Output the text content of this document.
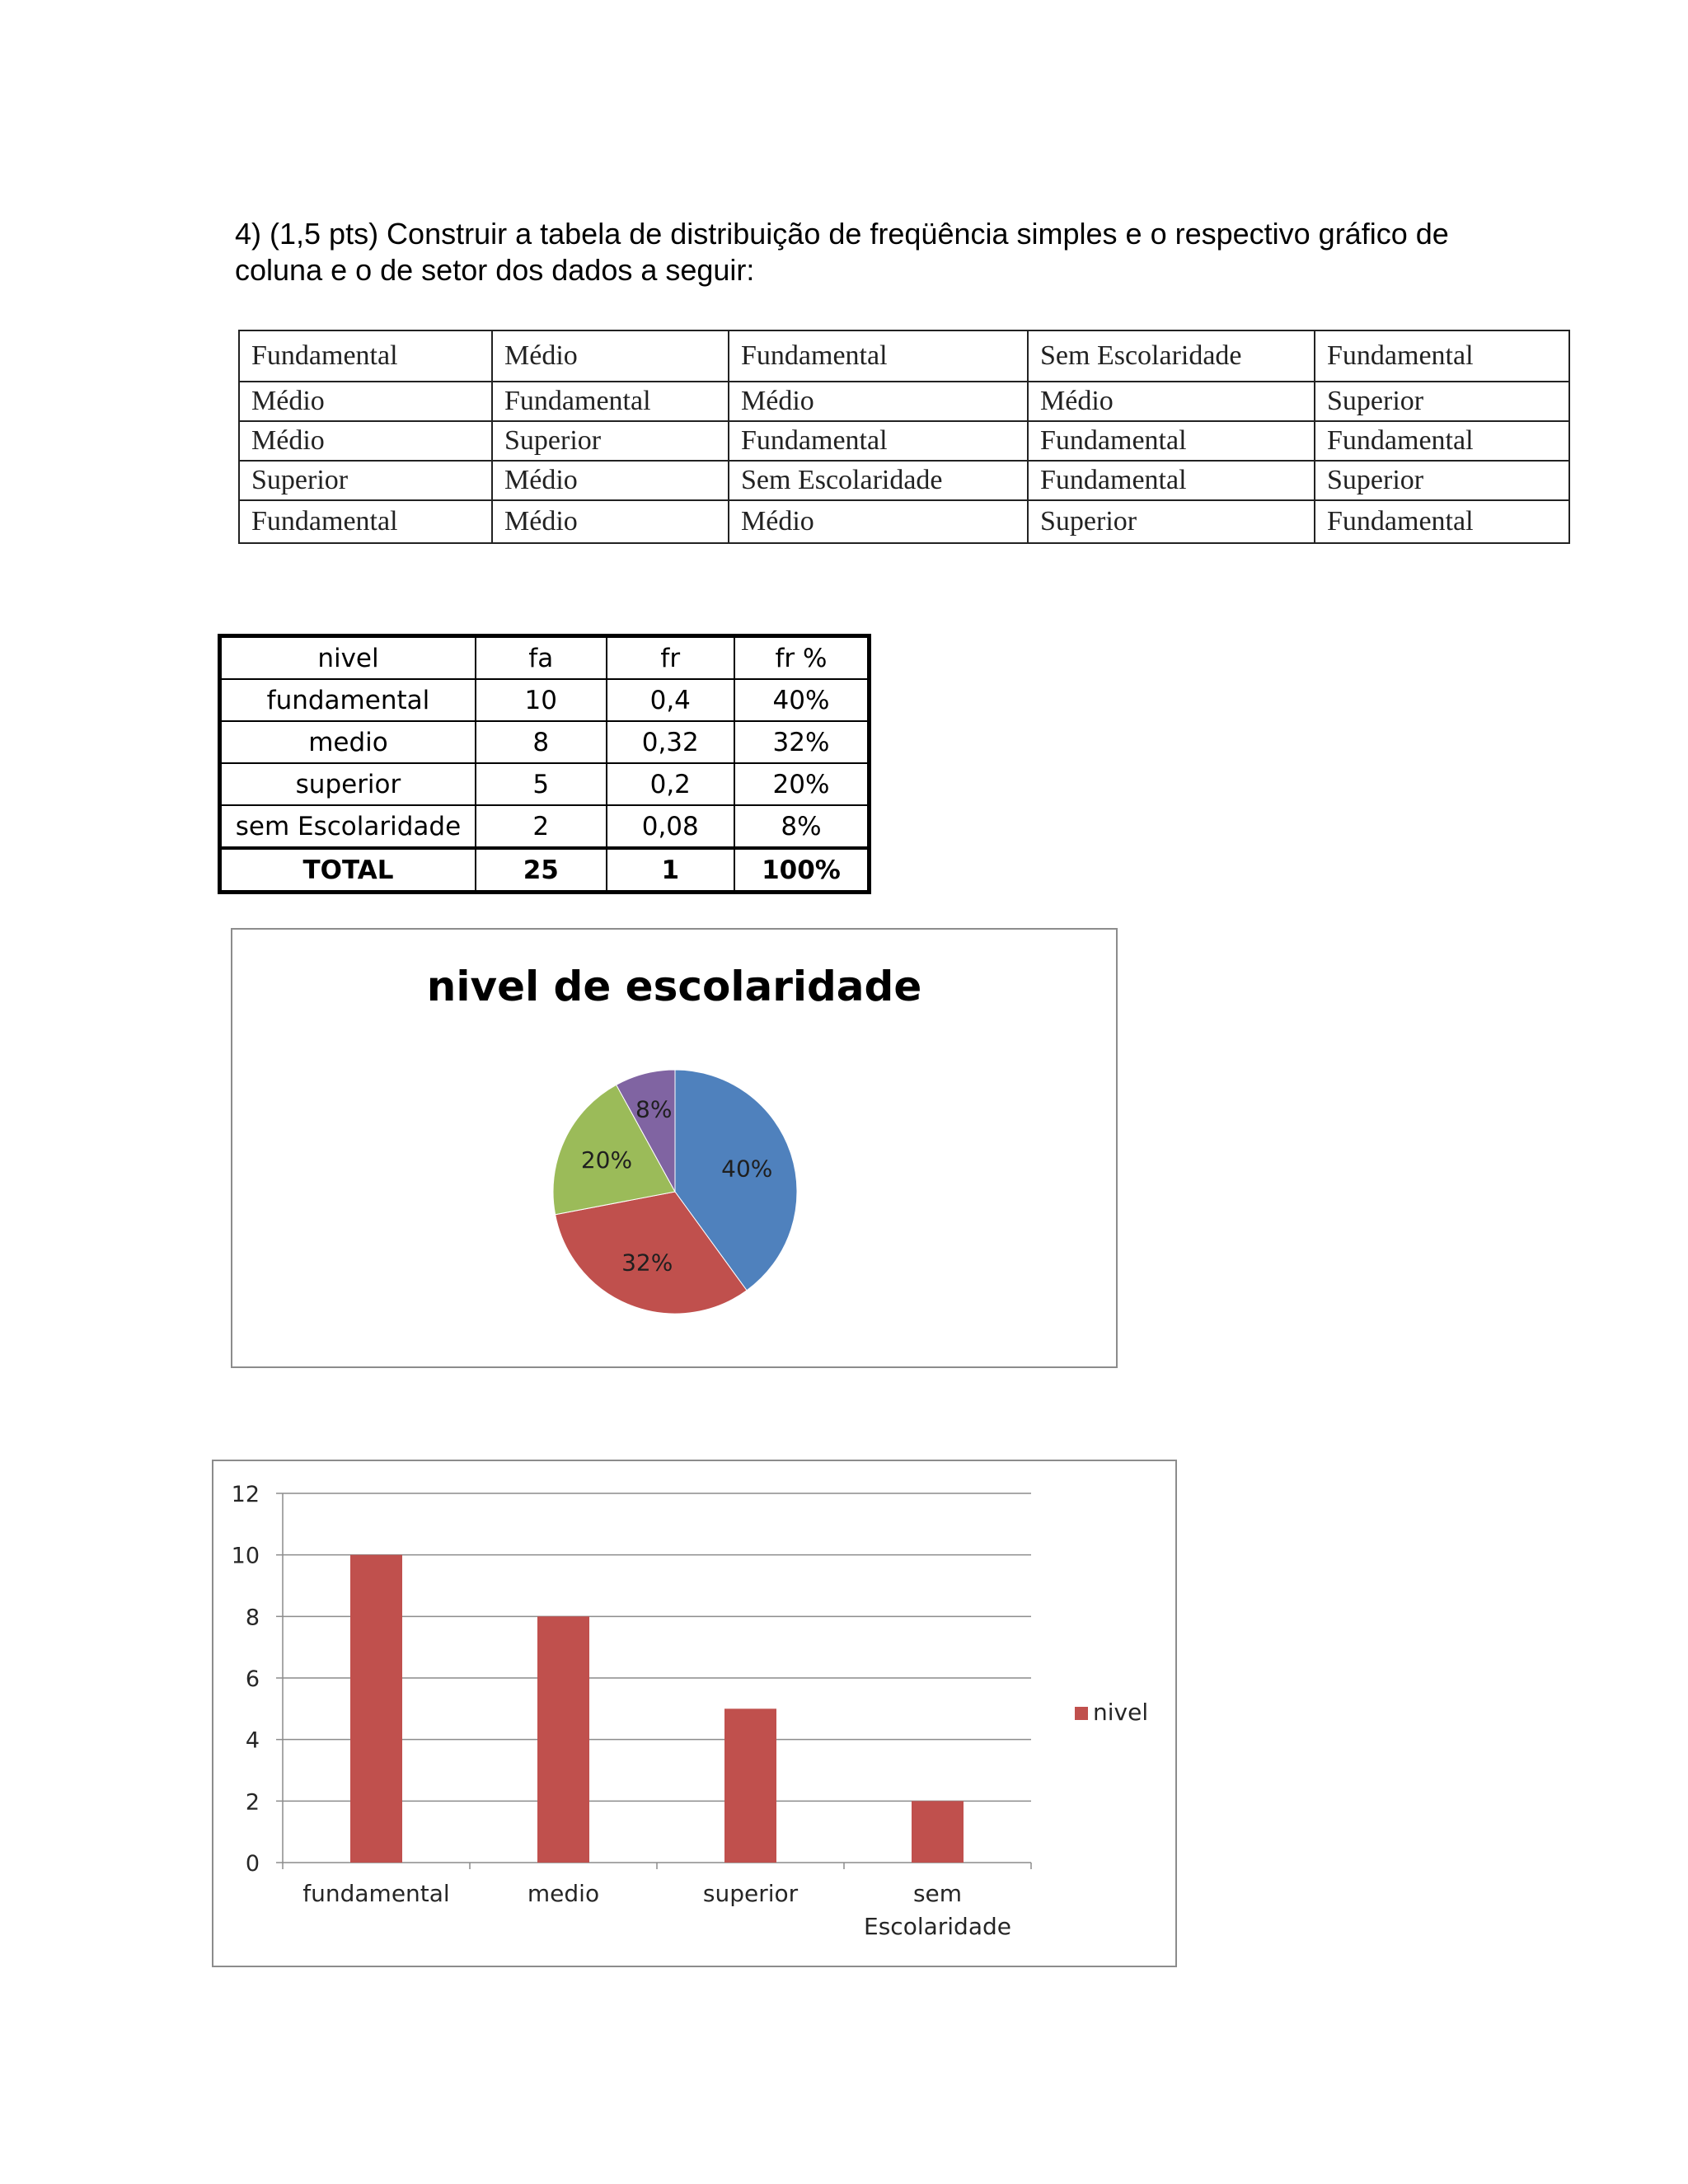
4) (1,5 pts) Construir a tabela de distribuição de freqüência simples e o respectivo gráfico de coluna e o de setor dos dados a seguir:
Fundamental	Médio	Fundamental	Sem Escolaridade	Fundamental
Médio	Fundamental	Médio	Médio	Superior
Médio	Superior	Fundamental	Fundamental	Fundamental
Superior	Médio	Sem Escolaridade	Fundamental	Superior
Fundamental	Médio	Médio	Superior	Fundamental
nivel	fa	fr	fr %
fundamental	10	0,4	40%
medio	8	0,32	32%
superior	5	0,2	20%
sem Escolaridade	2	0,08	8%
TOTAL	25	1	100%
nivel de escolaridade
40%
32%
20%
8%
0
2
4
6
8
10
12
fundamental	medio	superior	sem
Escolaridade
nivel
